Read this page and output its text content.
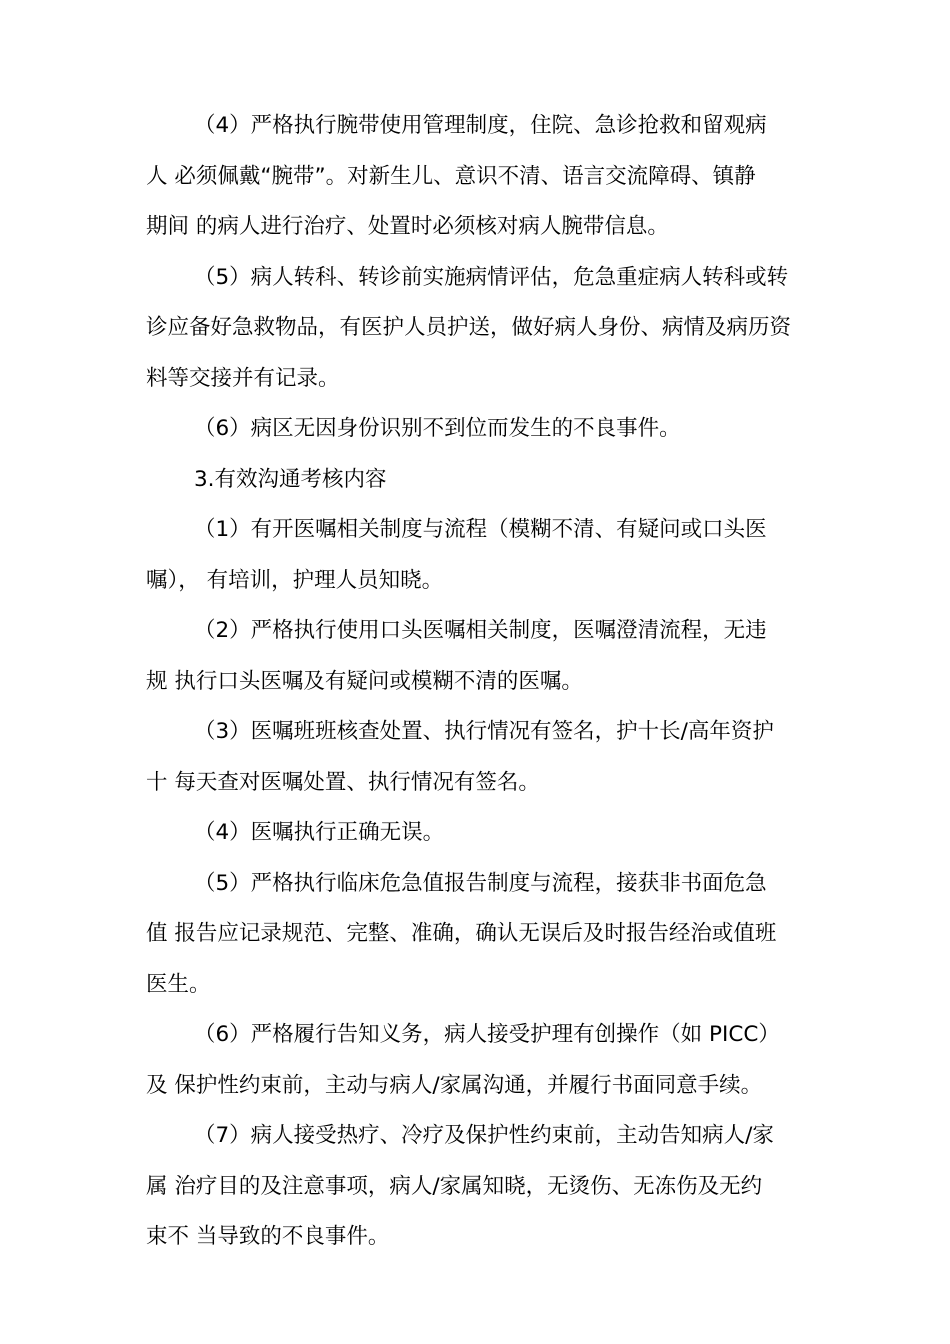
（4）严格执行腕带使用管理制度，住院、急诊抢救和留观病
人 必须佩戴“腕带”。对新生儿、意识不清、语言交流障碍、镇静
期间 的病人进行治疗、处置时必须核对病人腕带信息。
（5）病人转科、转诊前实施病情评估，危急重症病人转科或转
诊应备好急救物品，有医护人员护送，做好病人身份、病情及病历资
料等交接并有记录。
（6）病区无因身份识别不到位而发生的不良事件。
3.有效沟通考核内容
（1）有开医嘱相关制度与流程（模糊不清、有疑问或口头医
嘱）， 有培训，护理人员知晓。
（2）严格执行使用口头医嘱相关制度，医嘱澄清流程，无违
规 执行口头医嘱及有疑问或模糊不清的医嘱。
（3）医嘱班班核查处置、执行情况有签名，护十长/高年资护
十 每天查对医嘱处置、执行情况有签名。
（4）医嘱执行正确无误。
（5）严格执行临床危急值报告制度与流程，接获非书面危急
值 报告应记录规范、完整、准确，确认无误后及时报告经治或值班
医生。
（6）严格履行告知义务，病人接受护理有创操作（如 PICC）
及 保护性约束前，主动与病人/家属沟通，并履行书面同意手续。
（7）病人接受热疗、冷疗及保护性约束前，主动告知病人/家
属 治疗目的及注意事项，病人/家属知晓，无烫伤、无冻伤及无约
束不 当导致的不良事件。
